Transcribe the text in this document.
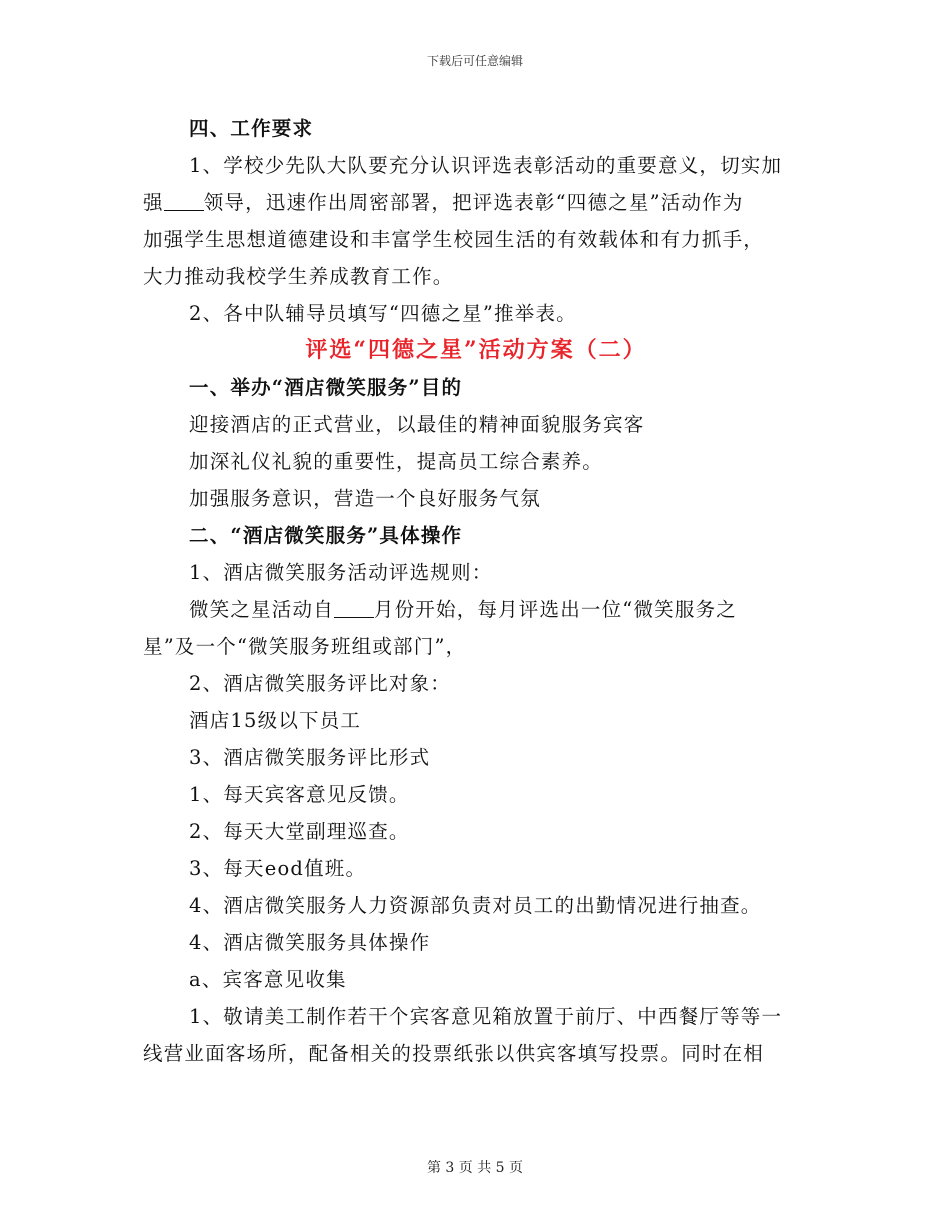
下载后可任意编辑
四、工作要求
1、学校少先队大队要充分认识评选表彰活动的重要意义，切实加
强 领导，迅速作出周密部署，把评选表彰“四德之星”活动作为
加强学生思想道德建设和丰富学生校园生活的有效载体和有力抓手，
大力推动我校学生养成教育工作。
2、各中队辅导员填写“四德之星”推举表。
评选“四德之星”活动方案（二）
一、举办“酒店微笑服务”目的
迎接酒店的正式营业，以最佳的精神面貌服务宾客
加深礼仪礼貌的重要性，提高员工综合素养。
加强服务意识，营造一个良好服务气氛
二、“酒店微笑服务”具体操作
1、酒店微笑服务活动评选规则：
微笑之星活动自 月份开始，每月评选出一位“微笑服务之
星”及一个“微笑服务班组或部门”，
2、酒店微笑服务评比对象：
酒店15级以下员工
3、酒店微笑服务评比形式
1、每天宾客意见反馈。
2、每天大堂副理巡查。
3、每天eod值班。
4、酒店微笑服务人力资源部负责对员工的出勤情况进行抽查。
4、酒店微笑服务具体操作
a、宾客意见收集
1、敬请美工制作若干个宾客意见箱放置于前厅、中西餐厅等等一
线营业面客场所，配备相关的投票纸张以供宾客填写投票。同时在相
第 3 页 共 5 页
